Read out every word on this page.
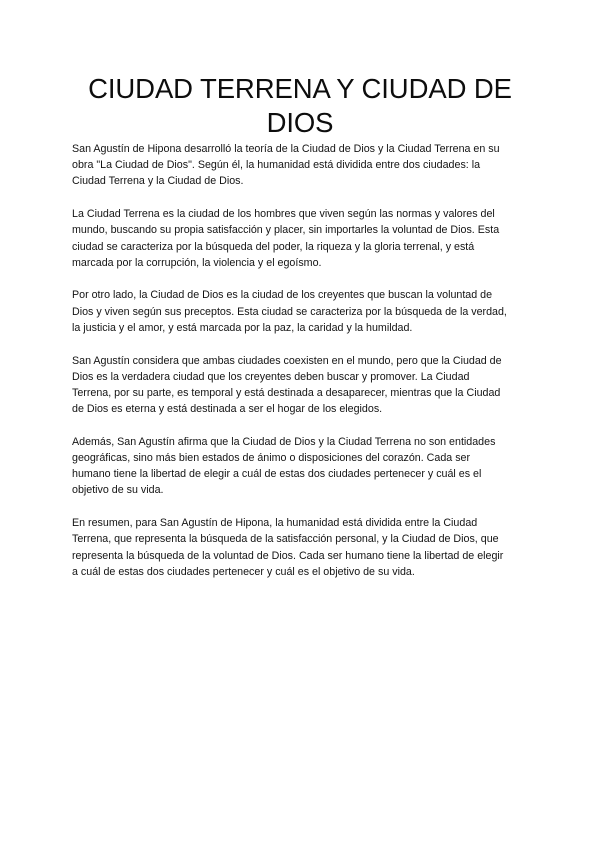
CIUDAD TERRENA Y CIUDAD DE
DIOS

San Agustín de Hipona desarrolló la teoría de la Ciudad de Dios y la Ciudad Terrena en su
obra "La Ciudad de Dios". Según él, la humanidad está dividida entre dos ciudades: la
Ciudad Terrena y la Ciudad de Dios.

La Ciudad Terrena es la ciudad de los hombres que viven según las normas y valores del
mundo, buscando su propia satisfacción y placer, sin importarles la voluntad de Dios. Esta
ciudad se caracteriza por la búsqueda del poder, la riqueza y la gloria terrenal, y está
marcada por la corrupción, la violencia y el egoísmo.

Por otro lado, la Ciudad de Dios es la ciudad de los creyentes que buscan la voluntad de
Dios y viven según sus preceptos. Esta ciudad se caracteriza por la búsqueda de la verdad,
la justicia y el amor, y está marcada por la paz, la caridad y la humildad.

San Agustín considera que ambas ciudades coexisten en el mundo, pero que la Ciudad de
Dios es la verdadera ciudad que los creyentes deben buscar y promover. La Ciudad
Terrena, por su parte, es temporal y está destinada a desaparecer, mientras que la Ciudad
de Dios es eterna y está destinada a ser el hogar de los elegidos.

Además, San Agustín afirma que la Ciudad de Dios y la Ciudad Terrena no son entidades
geográficas, sino más bien estados de ánimo o disposiciones del corazón. Cada ser
humano tiene la libertad de elegir a cuál de estas dos ciudades pertenecer y cuál es el
objetivo de su vida.

En resumen, para San Agustín de Hipona, la humanidad está dividida entre la Ciudad
Terrena, que representa la búsqueda de la satisfacción personal, y la Ciudad de Dios, que
representa la búsqueda de la voluntad de Dios. Cada ser humano tiene la libertad de elegir
a cuál de estas dos ciudades pertenecer y cuál es el objetivo de su vida.
